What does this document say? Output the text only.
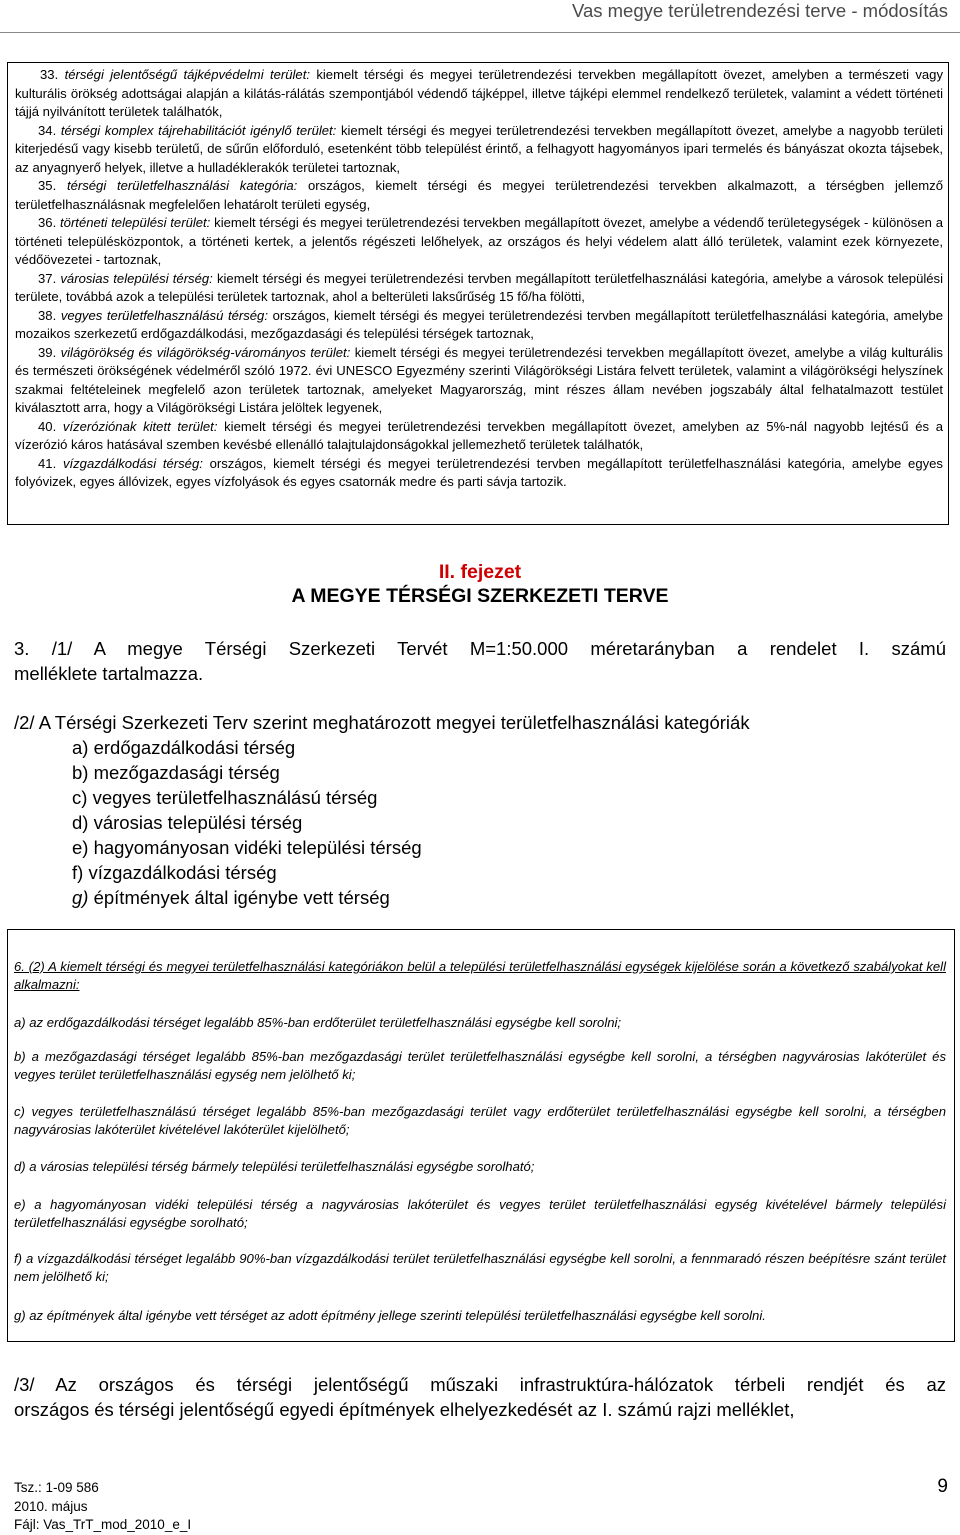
Vas megye területrendezési terve - módosítás

33. térségi jelentőségű tájképvédelmi terület: kiemelt térségi és megyei területrendezési tervekben megállapított övezet, amelyben a természeti vagy kulturális örökség adottságai alapján a kilátás-rálátás szempontjából védendő tájképpel, illetve tájképi elemmel rendelkező területek, valamint a védett történeti tájjá nyilvánított területek találhatók,

34. térségi komplex tájrehabilitációt igénylő terület: kiemelt térségi és megyei területrendezési tervekben megállapított övezet, amelybe a nagyobb területi kiterjedésű vagy kisebb területű, de sűrűn előforduló, esetenként több települést érintő, a felhagyott hagyományos ipari termelés és bányászat okozta tájsebek, az anyagnyerő helyek, illetve a hulladéklerakók területei tartoznak,

35. térségi területfelhasználási kategória: országos, kiemelt térségi és megyei területrendezési tervekben alkalmazott, a térségben jellemző területfelhasználásnak megfelelően lehatárolt területi egység,

36. történeti települési terület: kiemelt térségi és megyei területrendezési tervekben megállapított övezet, amelybe a védendő területegységek - különösen a történeti településközpontok, a történeti kertek, a jelentős régészeti lelőhelyek, az országos és helyi védelem alatt álló területek, valamint ezek környezete, védőövezetei - tartoznak,

37. városias települési térség: kiemelt térségi és megyei területrendezési tervben megállapított területfelhasználási kategória, amelybe a városok települési területe, továbbá azok a települési területek tartoznak, ahol a belterületi laksűrűség 15 fő/ha fölötti,

38. vegyes területfelhasználású térség: országos, kiemelt térségi és megyei területrendezési tervben megállapított területfelhasználási kategória, amelybe mozaikos szerkezetű erdőgazdálkodási, mezőgazdasági és települési térségek tartoznak,

39. világörökség és világörökség-várományos terület: kiemelt térségi és megyei területrendezési tervekben megállapított övezet, amelybe a világ kulturális és természeti örökségének védelméről szóló 1972. évi UNESCO Egyezmény szerinti Világörökségi Listára felvett területek, valamint a világörökségi helyszínek szakmai feltételeinek megfelelő azon területek tartoznak, amelyeket Magyarország, mint részes állam nevében jogszabály által felhatalmazott testület kiválasztott arra, hogy a Világörökségi Listára jelöltek legyenek,

40. vízeróziónak kitett terület: kiemelt térségi és megyei területrendezési tervekben megállapított övezet, amelyben az 5%-nál nagyobb lejtésű és a vízerózió káros hatásával szemben kevésbé ellenálló talajtulajdonságokkal jellemezhető területek találhatók,

41. vízgazdálkodási térség: országos, kiemelt térségi és megyei területrendezési tervben megállapított területfelhasználási kategória, amelybe egyes folyóvizek, egyes állóvizek, egyes vízfolyások és egyes csatornák medre és parti sávja tartozik.

II. fejezet
A MEGYE TÉRSÉGI SZERKEZETI TERVE

3. /1/ A megye Térségi Szerkezeti Tervét M=1:50.000 méretarányban a rendelet I. számú

melléklete tartalmazza.

/2/ A Térségi Szerkezeti Terv szerint meghatározott megyei területfelhasználási kategóriák

a) erdőgazdálkodási térség
b) mezőgazdasági térség
c) vegyes területfelhasználású térség
d) városias települési térség
e) hagyományosan vidéki települési térség
f) vízgazdálkodási térség
g) építmények által igénybe vett térség

6. (2) A kiemelt térségi és megyei területfelhasználási kategóriákon belül a települési területfelhasználási egységek kijelölése során a következő szabályokat kell alkalmazni:

a) az erdőgazdálkodási térséget legalább 85%-ban erdőterület területfelhasználási egységbe kell sorolni;

b) a mezőgazdasági térséget legalább 85%-ban mezőgazdasági terület területfelhasználási egységbe kell sorolni, a térségben nagyvárosias lakóterület és vegyes terület területfelhasználási egység nem jelölhető ki;

c) vegyes területfelhasználású térséget legalább 85%-ban mezőgazdasági terület vagy erdőterület területfelhasználási egységbe kell sorolni, a térségben nagyvárosias lakóterület kivételével lakóterület kijelölhető;

d) a városias települési térség bármely települési területfelhasználási egységbe sorolható;

e) a hagyományosan vidéki települési térség a nagyvárosias lakóterület és vegyes terület területfelhasználási egység kivételével bármely települési területfelhasználási egységbe sorolható;

f) a vízgazdálkodási térséget legalább 90%-ban vízgazdálkodási terület területfelhasználási egységbe kell sorolni, a fennmaradó részen beépítésre szánt terület nem jelölhető ki;

g) az építmények által igénybe vett térséget az adott építmény jellege szerinti települési területfelhasználási egységbe kell sorolni.

/3/ Az országos és térségi jelentőségű műszaki infrastruktúra-hálózatok térbeli rendjét és az
országos és térségi jelentőségű egyedi építmények elhelyezkedését az I. számú rajzi melléklet,
Tsz.: 1-09 586
2010. május
Fájl: Vas_TrT_mod_2010_e_I
9
